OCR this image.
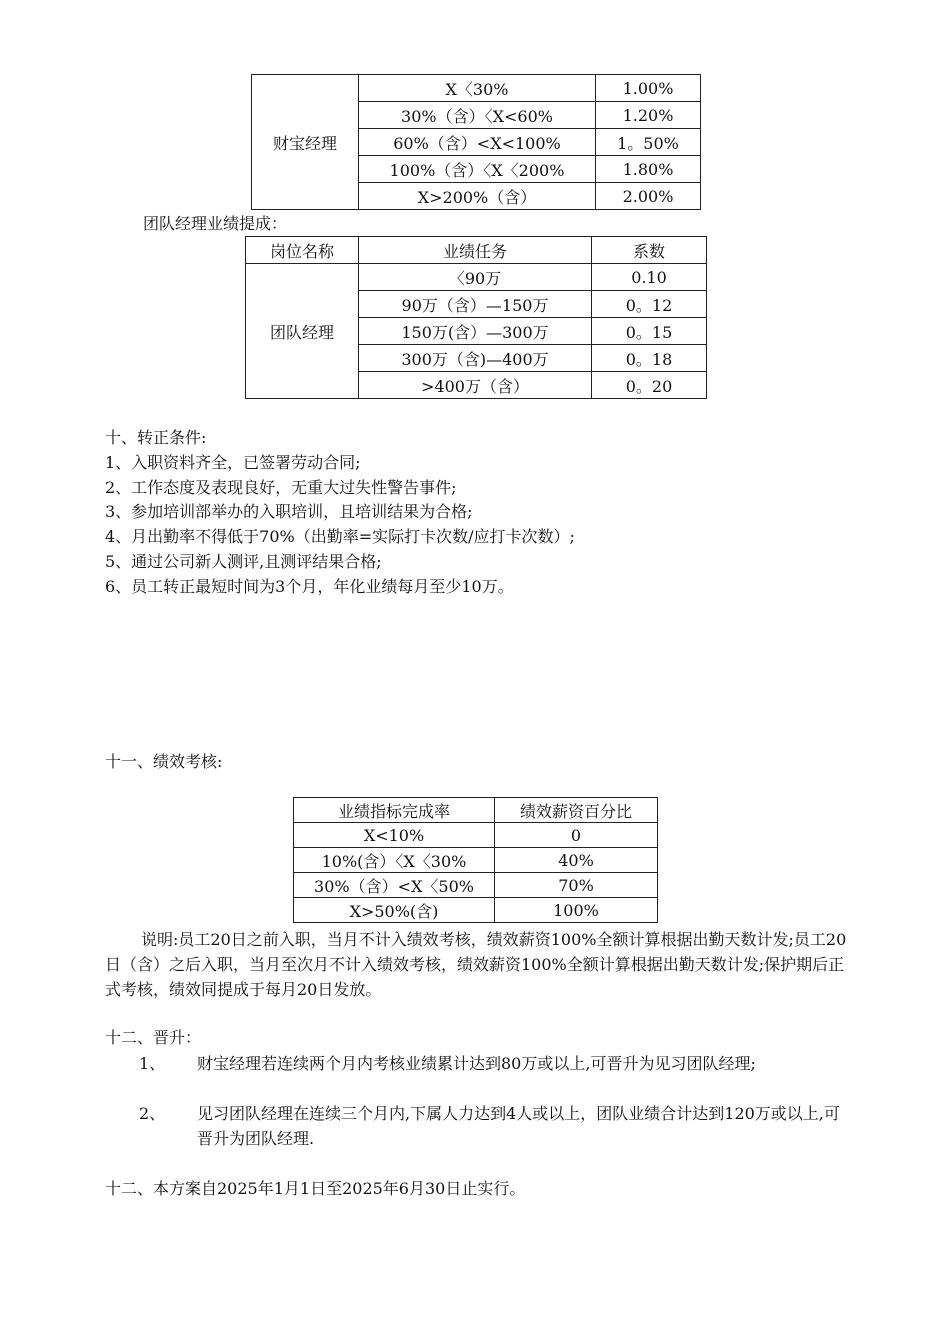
财宝经理	X〈30%	1.00%
	30%（含）〈X<60%	1.20%
	60%（含）<X<100%	1。50%
	100%（含）〈X〈200%	1.80%
	X>200%（含）	2.00%
团队经理业绩提成：
岗位名称	业绩任务	系数
团队经理	〈90万	0.10
	90万（含）—150万	0。12
	150万(含）—300万	0。15
	300万（含)—400万	0。18
	>400万（含）	0。20
十、转正条件:
1、入职资料齐全，已签署劳动合同;
2、工作态度及表现良好，无重大过失性警告事件;
3、参加培训部举办的入职培训，且培训结果为合格;
4、月出勤率不得低于70%（出勤率=实际打卡次数/应打卡次数）;
5、通过公司新人测评,且测评结果合格;
6、员工转正最短时间为3个月，年化业绩每月至少10万。
十一、绩效考核:
业绩指标完成率	绩效薪资百分比
X<10%	0
10%(含）〈X〈30%	40%
30%（含）<X〈50%	70%
X>50%(含)	100%
说明:员工20日之前入职，当月不计入绩效考核，绩效薪资100%全额计算根据出勤天数计发;员工20日（含）之后入职，当月至次月不计入绩效考核，绩效薪资100%全额计算根据出勤天数计发;保护期后正式考核，绩效同提成于每月20日发放。
十二、晋升：
1、 财宝经理若连续两个月内考核业绩累计达到80万或以上,可晋升为见习团队经理;
2、 见习团队经理在连续三个月内,下属人力达到4人或以上，团队业绩合计达到120万或以上,可晋升为团队经理.
十二、本方案自2025年1月1日至2025年6月30日止实行。
